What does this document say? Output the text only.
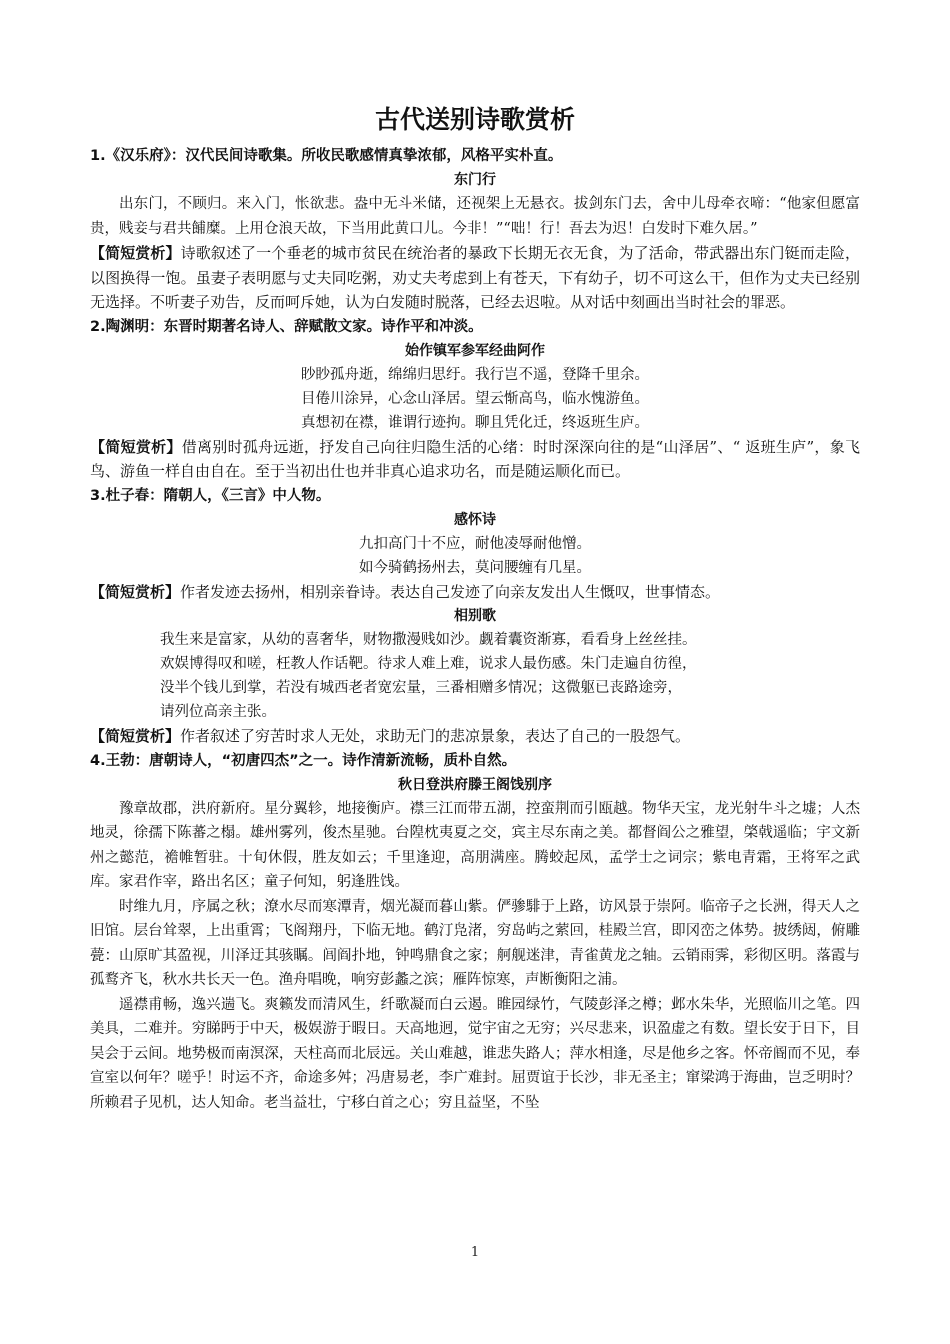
古代送别诗歌赏析

1.《汉乐府》：汉代民间诗歌集。所收民歌感情真挚浓郁，风格平实朴直。

东门行

出东门，不顾归。来入门，怅欲悲。盎中无斗米储，还视架上无悬衣。拔剑东门去，舍中儿母牵衣啼：“他家但愿富贵，贱妾与君共餔糜。上用仓浪天故，下当用此黄口儿。今非！”“咄！行！吾去为迟！白发时下难久居。”

【简短赏析】诗歌叙述了一个垂老的城市贫民在统治者的暴政下长期无衣无食，为了活命，带武器出东门铤而走险，以图换得一饱。虽妻子表明愿与丈夫同吃粥，劝丈夫考虑到上有苍天，下有幼子，切不可这么干，但作为丈夫已经别无选择。不听妻子劝告，反而呵斥她，认为白发随时脱落，已经去迟啦。从对话中刻画出当时社会的罪恶。

2.陶渊明：东晋时期著名诗人、辞赋散文家。诗作平和冲淡。

始作镇军参军经曲阿作

眇眇孤舟逝，绵绵归思纡。我行岂不遥，登降千里余。

目倦川涂异，心念山泽居。望云惭高鸟，临水愧游鱼。

真想初在襟，谁谓行迹拘。聊且凭化迁，终返班生庐。

【简短赏析】借离别时孤舟远逝，抒发自己向往归隐生活的心绪：时时深深向往的是“山泽居”、“ 返班生庐”，象飞鸟、游鱼一样自由自在。至于当初出仕也并非真心追求功名，而是随运顺化而已。

3.杜子春：隋朝人，《三言》中人物。

感怀诗

九扣高门十不应，耐他凌辱耐他憎。

如今骑鹤扬州去，莫问腰缠有几星。

【简短赏析】作者发迹去扬州，相别亲眷诗。表达自己发迹了向亲友发出人生慨叹，世事情态。

相别歌

我生来是富家，从幼的喜奢华，财物撒漫贱如沙。觑着囊资渐寡，看看身上丝丝挂。

欢娱博得叹和嗟，枉教人作话靶。待求人难上难，说求人最伤感。朱门走遍自彷徨，

没半个钱儿到掌，若没有城西老者宽宏量，三番相赠多情况；这微躯已丧路途旁，

请列位高亲主张。

【简短赏析】作者叙述了穷苦时求人无处，求助无门的悲凉景象，表达了自己的一股怨气。

4.王勃：唐朝诗人，“初唐四杰”之一。诗作清新流畅，质朴自然。

秋日登洪府滕王阁饯别序

豫章故郡，洪府新府。星分翼轸，地接衡庐。襟三江而带五湖，控蛮荆而引瓯越。物华天宝，龙光射牛斗之墟；人杰地灵，徐孺下陈蕃之榻。雄州雾列，俊杰星驰。台隍枕夷夏之交，宾主尽东南之美。都督阎公之雅望，棨戟遥临；宇文新州之懿范，襜帷暂驻。十旬休假，胜友如云；千里逢迎，高朋满座。腾蛟起凤，孟学士之词宗；紫电青霜，王将军之武库。家君作宰，路出名区；童子何知，躬逢胜饯。

时维九月，序属之秋；潦水尽而寒潭青，烟光凝而暮山紫。俨骖騑于上路，访风景于崇阿。临帝子之长洲，得天人之旧馆。层台耸翠，上出重霄；飞阁翔丹，下临无地。鹤汀凫渚，穷岛屿之萦回，桂殿兰宫，即冈峦之体势。披绣闼，俯雕甍：山原旷其盈视，川泽迂其骇瞩。闾阎扑地，钟鸣鼎食之家；舸舰迷津，青雀黄龙之轴。云销雨霁，彩彻区明。落霞与孤鹜齐飞，秋水共长天一色。渔舟唱晚，响穷彭蠡之滨；雁阵惊寒，声断衡阳之浦。

遥襟甫畅，逸兴遄飞。爽籁发而清风生，纤歌凝而白云遏。睢园绿竹，气陵彭泽之樽；邺水朱华，光照临川之笔。四美具，二难并。穷睇眄于中天，极娱游于暇日。天高地迥，觉宇宙之无穷；兴尽悲来，识盈虚之有数。望长安于日下，目吴会于云间。地势极而南溟深，天柱高而北辰远。关山难越，谁悲失路人；萍水相逢，尽是他乡之客。怀帝阍而不见，奉宣室以何年？嗟乎！时运不齐，命途多舛；冯唐易老，李广难封。屈贾谊于长沙，非无圣主；窜梁鸿于海曲，岂乏明时？所赖君子见机，达人知命。老当益壮，宁移白首之心；穷且益坚，不坠

1
